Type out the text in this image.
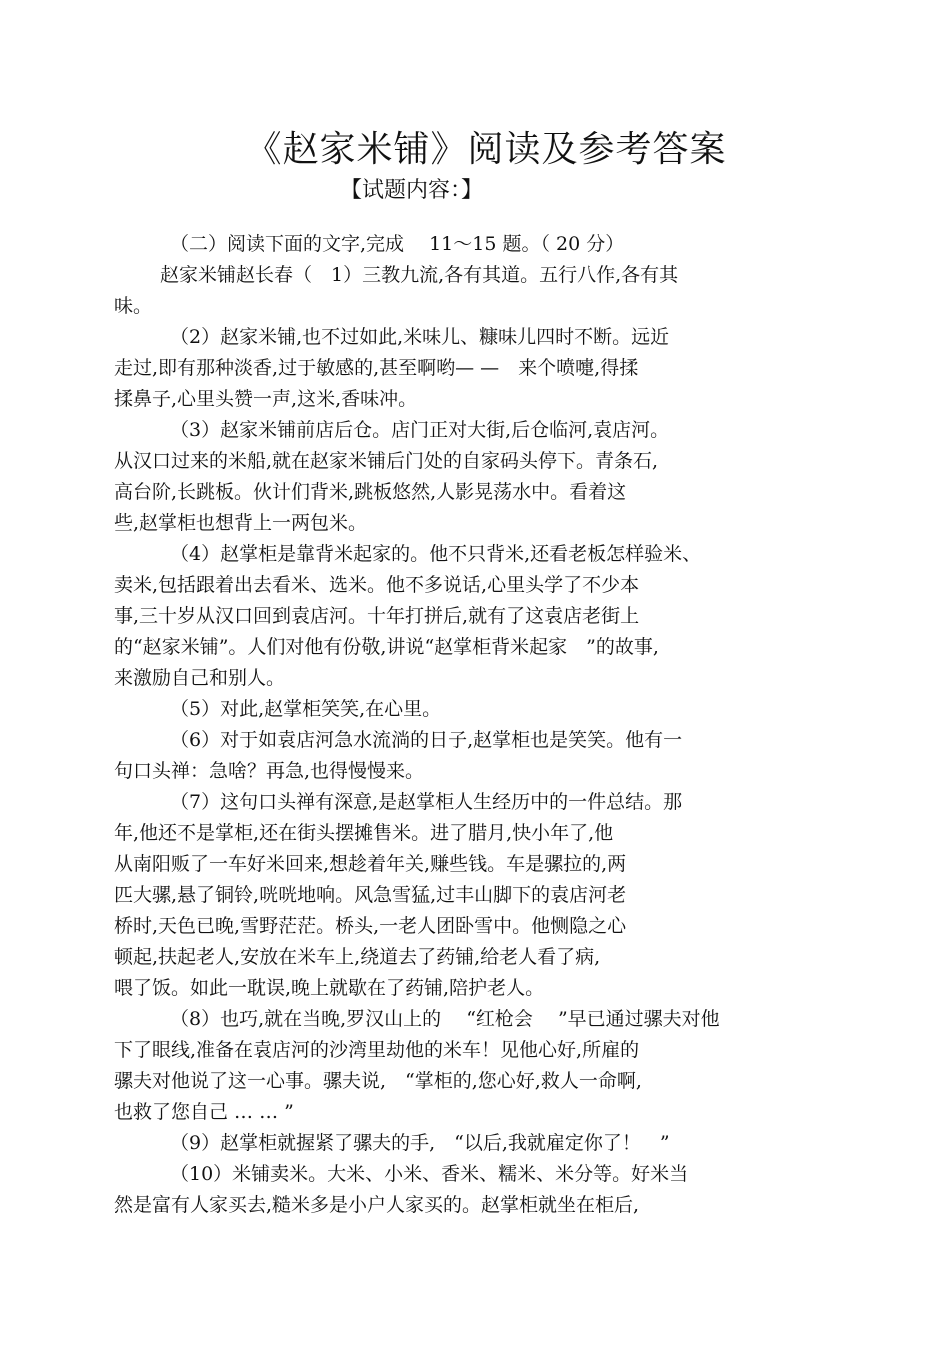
《赵家米铺》阅读及参考答案
【试题内容：】
（二）阅读下面的文字,完成　 11～15 题。（ 20 分）
赵家米铺赵长春（　1）三教九流,各有其道。五行八作,各有其
味。
（2）赵家米铺,也不过如此,米味儿、糠味儿四时不断。远近
走过,即有那种淡香,过于敏感的,甚至啊哟— —　来个喷嚏,得揉
揉鼻子,心里头赞一声,这米,香味冲。
（3）赵家米铺前店后仓。店门正对大街,后仓临河,袁店河。
从汉口过来的米船,就在赵家米铺后门处的自家码头停下。青条石,
高台阶,长跳板。伙计们背米,跳板悠然,人影晃荡水中。看着这
些,赵掌柜也想背上一两包米。
（4）赵掌柜是靠背米起家的。他不只背米,还看老板怎样验米、
卖米,包括跟着出去看米、选米。他不多说话,心里头学了不少本
事,三十岁从汉口回到袁店河。十年打拼后,就有了这袁店老街上
的“赵家米铺”。人们对他有份敬,讲说“赵掌柜背米起家　”的故事,
来激励自己和别人。
（5）对此,赵掌柜笑笑,在心里。
（6）对于如袁店河急水流淌的日子,赵掌柜也是笑笑。他有一
句口头禅：急啥？再急,也得慢慢来。
（7）这句口头禅有深意,是赵掌柜人生经历中的一件总结。那
年,他还不是掌柜,还在街头摆摊售米。进了腊月,快小年了,他
从南阳贩了一车好米回来,想趁着年关,赚些钱。车是骡拉的,两
匹大骡,悬了铜铃,咣咣地响。风急雪猛,过丰山脚下的袁店河老
桥时,天色已晚,雪野茫茫。桥头,一老人团卧雪中。他恻隐之心
顿起,扶起老人,安放在米车上,绕道去了药铺,给老人看了病,
喂了饭。如此一耽误,晚上就歇在了药铺,陪护老人。
（8）也巧,就在当晚,罗汉山上的　 “红枪会　 ”早已通过骡夫对他
下了眼线,准备在袁店河的沙湾里劫他的米车！见他心好,所雇的
骡夫对他说了这一心事。骡夫说,　“掌柜的,您心好,救人一命啊,
也救了您自己 … … ”
（9）赵掌柜就握紧了骡夫的手,　“以后,我就雇定你了！　”
（10）米铺卖米。大米、小米、香米、糯米、米分等。好米当
然是富有人家买去,糙米多是小户人家买的。赵掌柜就坐在柜后,
